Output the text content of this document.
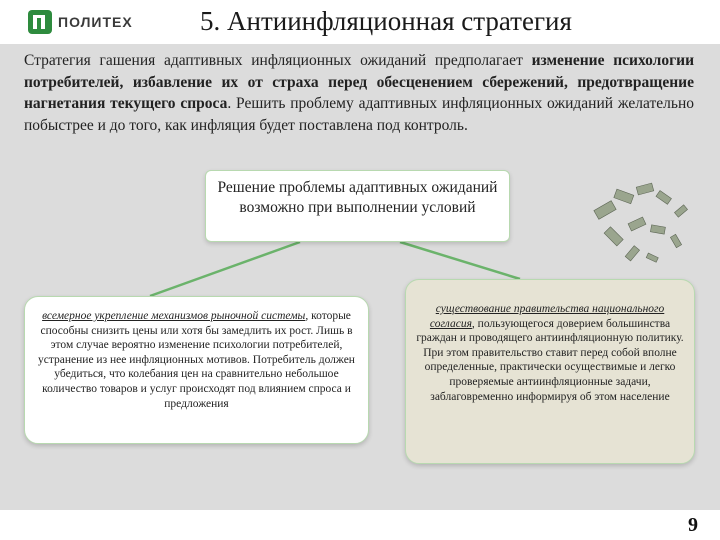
ПОЛИТЕХ 5. Антиинфляционная стратегия

Стратегия гашения адаптивных инфляционных ожиданий предполагает изменение психологии потребителей, избавление их от страха перед обесценением сбережений, предотвращение нагнетания текущего спроса. Решить проблему адаптивных инфляционных ожиданий желательно побыстрее и до того, как инфляция будет поставлена под контроль.

Решение проблемы адаптивных ожиданий возможно при выполнении условий
всемерное укрепление механизмов рыночной системы, которые способны снизить цены или хотя бы замедлить их рост. Лишь в этом случае вероятно изменение психологии потребителей, устранение из нее инфляционных мотивов. Потребитель должен убедиться, что колебания цен на сравнительно небольшое количество товаров и услуг происходят под влиянием спроса и предложения
существование правительства национального согласия, пользующегося доверием большинства граждан и проводящего антиинфляционную политику. При этом правительство ставит перед собой вполне определенные, практически осуществимые и легко проверяемые антиинфляционные задачи, заблаговременно информируя об этом население
9
